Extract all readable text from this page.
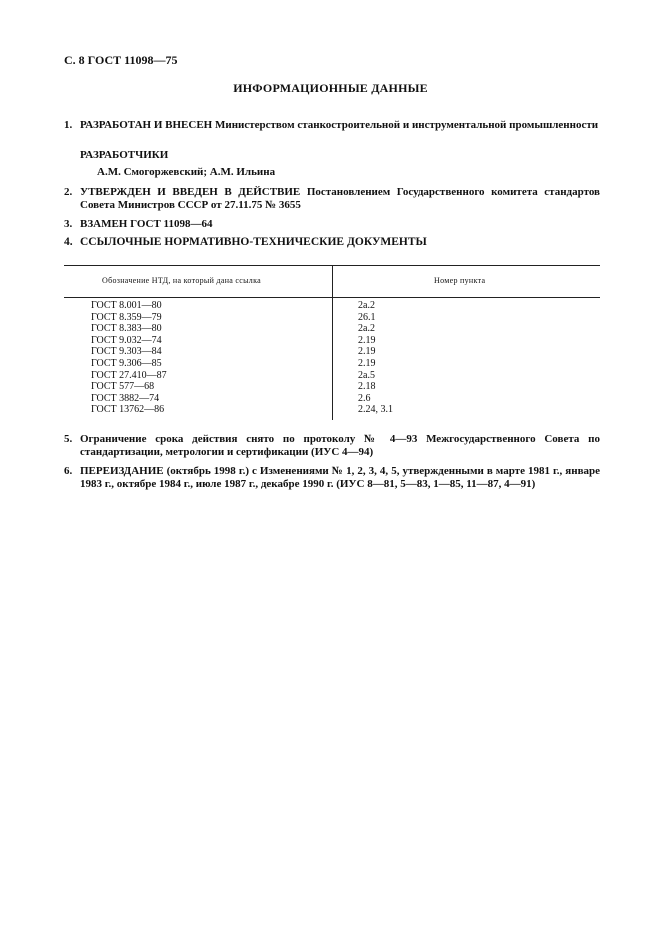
С. 8 ГОСТ 11098—75
ИНФОРМАЦИОННЫЕ ДАННЫЕ
1. РАЗРАБОТАН И ВНЕСЕН Министерством станкостроительной и инструментальной промышленности
РАЗРАБОТЧИКИ
А.М. Смогоржевский; А.М. Ильина
2. УТВЕРЖДЕН И ВВЕДЕН В ДЕЙСТВИЕ Постановлением Государственного комитета стандартов Совета Министров СССР от 27.11.75 № 3655
3. ВЗАМЕН ГОСТ 11098—64
4. ССЫЛОЧНЫЕ НОРМАТИВНО-ТЕХНИЧЕСКИЕ ДОКУМЕНТЫ
Обозначение НТД, на который дана ссылка	Номер пункта
ГОСТ 8.001—80	2а.2
ГОСТ 8.359—79	26.1
ГОСТ 8.383—80	2а.2
ГОСТ 9.032—74	2.19
ГОСТ 9.303—84	2.19
ГОСТ 9.306—85	2.19
ГОСТ 27.410—87	2а.5
ГОСТ 577—68	2.18
ГОСТ 3882—74	2.6
ГОСТ 13762—86	2.24, 3.1
5. Ограничение срока действия снято по протоколу № 4—93 Межгосударственного Совета по стандартизации, метрологии и сертификации (ИУС 4—94)
6. ПЕРЕИЗДАНИЕ (октябрь 1998 г.) с Изменениями № 1, 2, 3, 4, 5, утвержденными в марте 1981 г., январе 1983 г., октябре 1984 г., июле 1987 г., декабре 1990 г. (ИУС 8—81, 5—83, 1—85, 11—87, 4—91)
